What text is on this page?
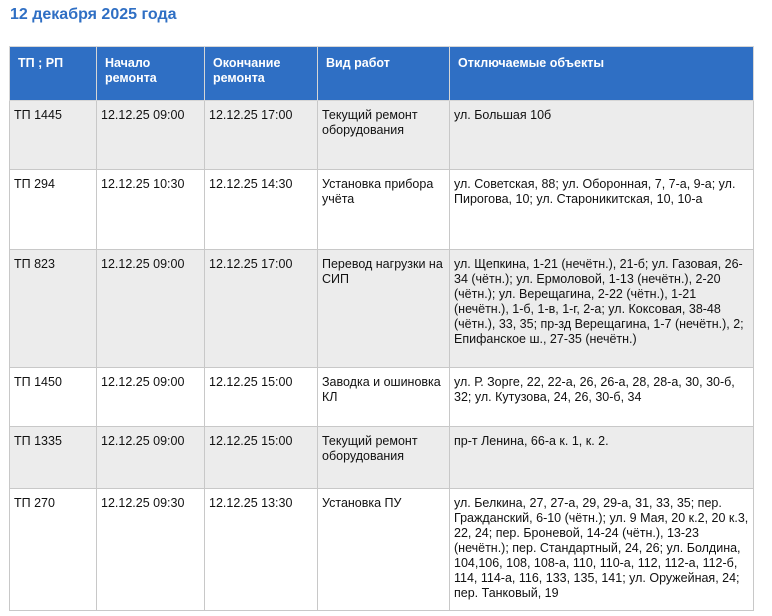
12 декабря 2025 года
ТП ; РП	Начало ремонта	Окончание ремонта	Вид работ	Отключаемые объекты
ТП 1445	12.12.25 09:00	12.12.25 17:00	Текущий ремонт оборудования	ул. Большая 10б
ТП 294	12.12.25 10:30	12.12.25 14:30	Установка прибора учёта	ул. Советская, 88; ул. Оборонная, 7, 7-а, 9-а; ул. Пирогова, 10; ул. Староникитская, 10, 10-а
ТП 823	12.12.25 09:00	12.12.25 17:00	Перевод нагрузки на СИП	ул. Щепкина, 1-21 (нечётн.), 21-б; ул. Газовая, 26-34 (чётн.); ул. Ермоловой, 1-13 (нечётн.), 2-20 (чётн.); ул. Верещагина, 2-22 (чётн.), 1-21 (нечётн.), 1-б, 1-в, 1-г, 2-а; ул. Коксовая, 38-48 (чётн.), 33, 35; пр-зд Верещагина, 1-7 (нечётн.), 2; Епифанское ш., 27-35 (нечётн.)
ТП 1450	12.12.25 09:00	12.12.25 15:00	Заводка и ошиновка КЛ	ул. Р. Зорге, 22, 22-а, 26, 26-а, 28, 28-а, 30, 30-б, 32; ул. Кутузова, 24, 26, 30-б, 34
ТП 1335	12.12.25 09:00	12.12.25 15:00	Текущий ремонт оборудования	пр-т Ленина, 66-а к. 1, к. 2.
ТП 270	12.12.25 09:30	12.12.25 13:30	Установка ПУ	ул. Белкина, 27, 27-а, 29, 29-а, 31, 33, 35; пер. Гражданский, 6-10 (чётн.); ул. 9 Мая, 20 к.2, 20 к.3, 22, 24; пер. Броневой, 14-24 (чётн.), 13-23 (нечётн.); пер. Стандартный, 24, 26; ул. Болдина, 104,106, 108, 108-а, 110, 110-а, 112, 112-а, 112-б, 114, 114-а, 116, 133, 135, 141; ул. Оружейная, 24; пер. Танковый, 19
